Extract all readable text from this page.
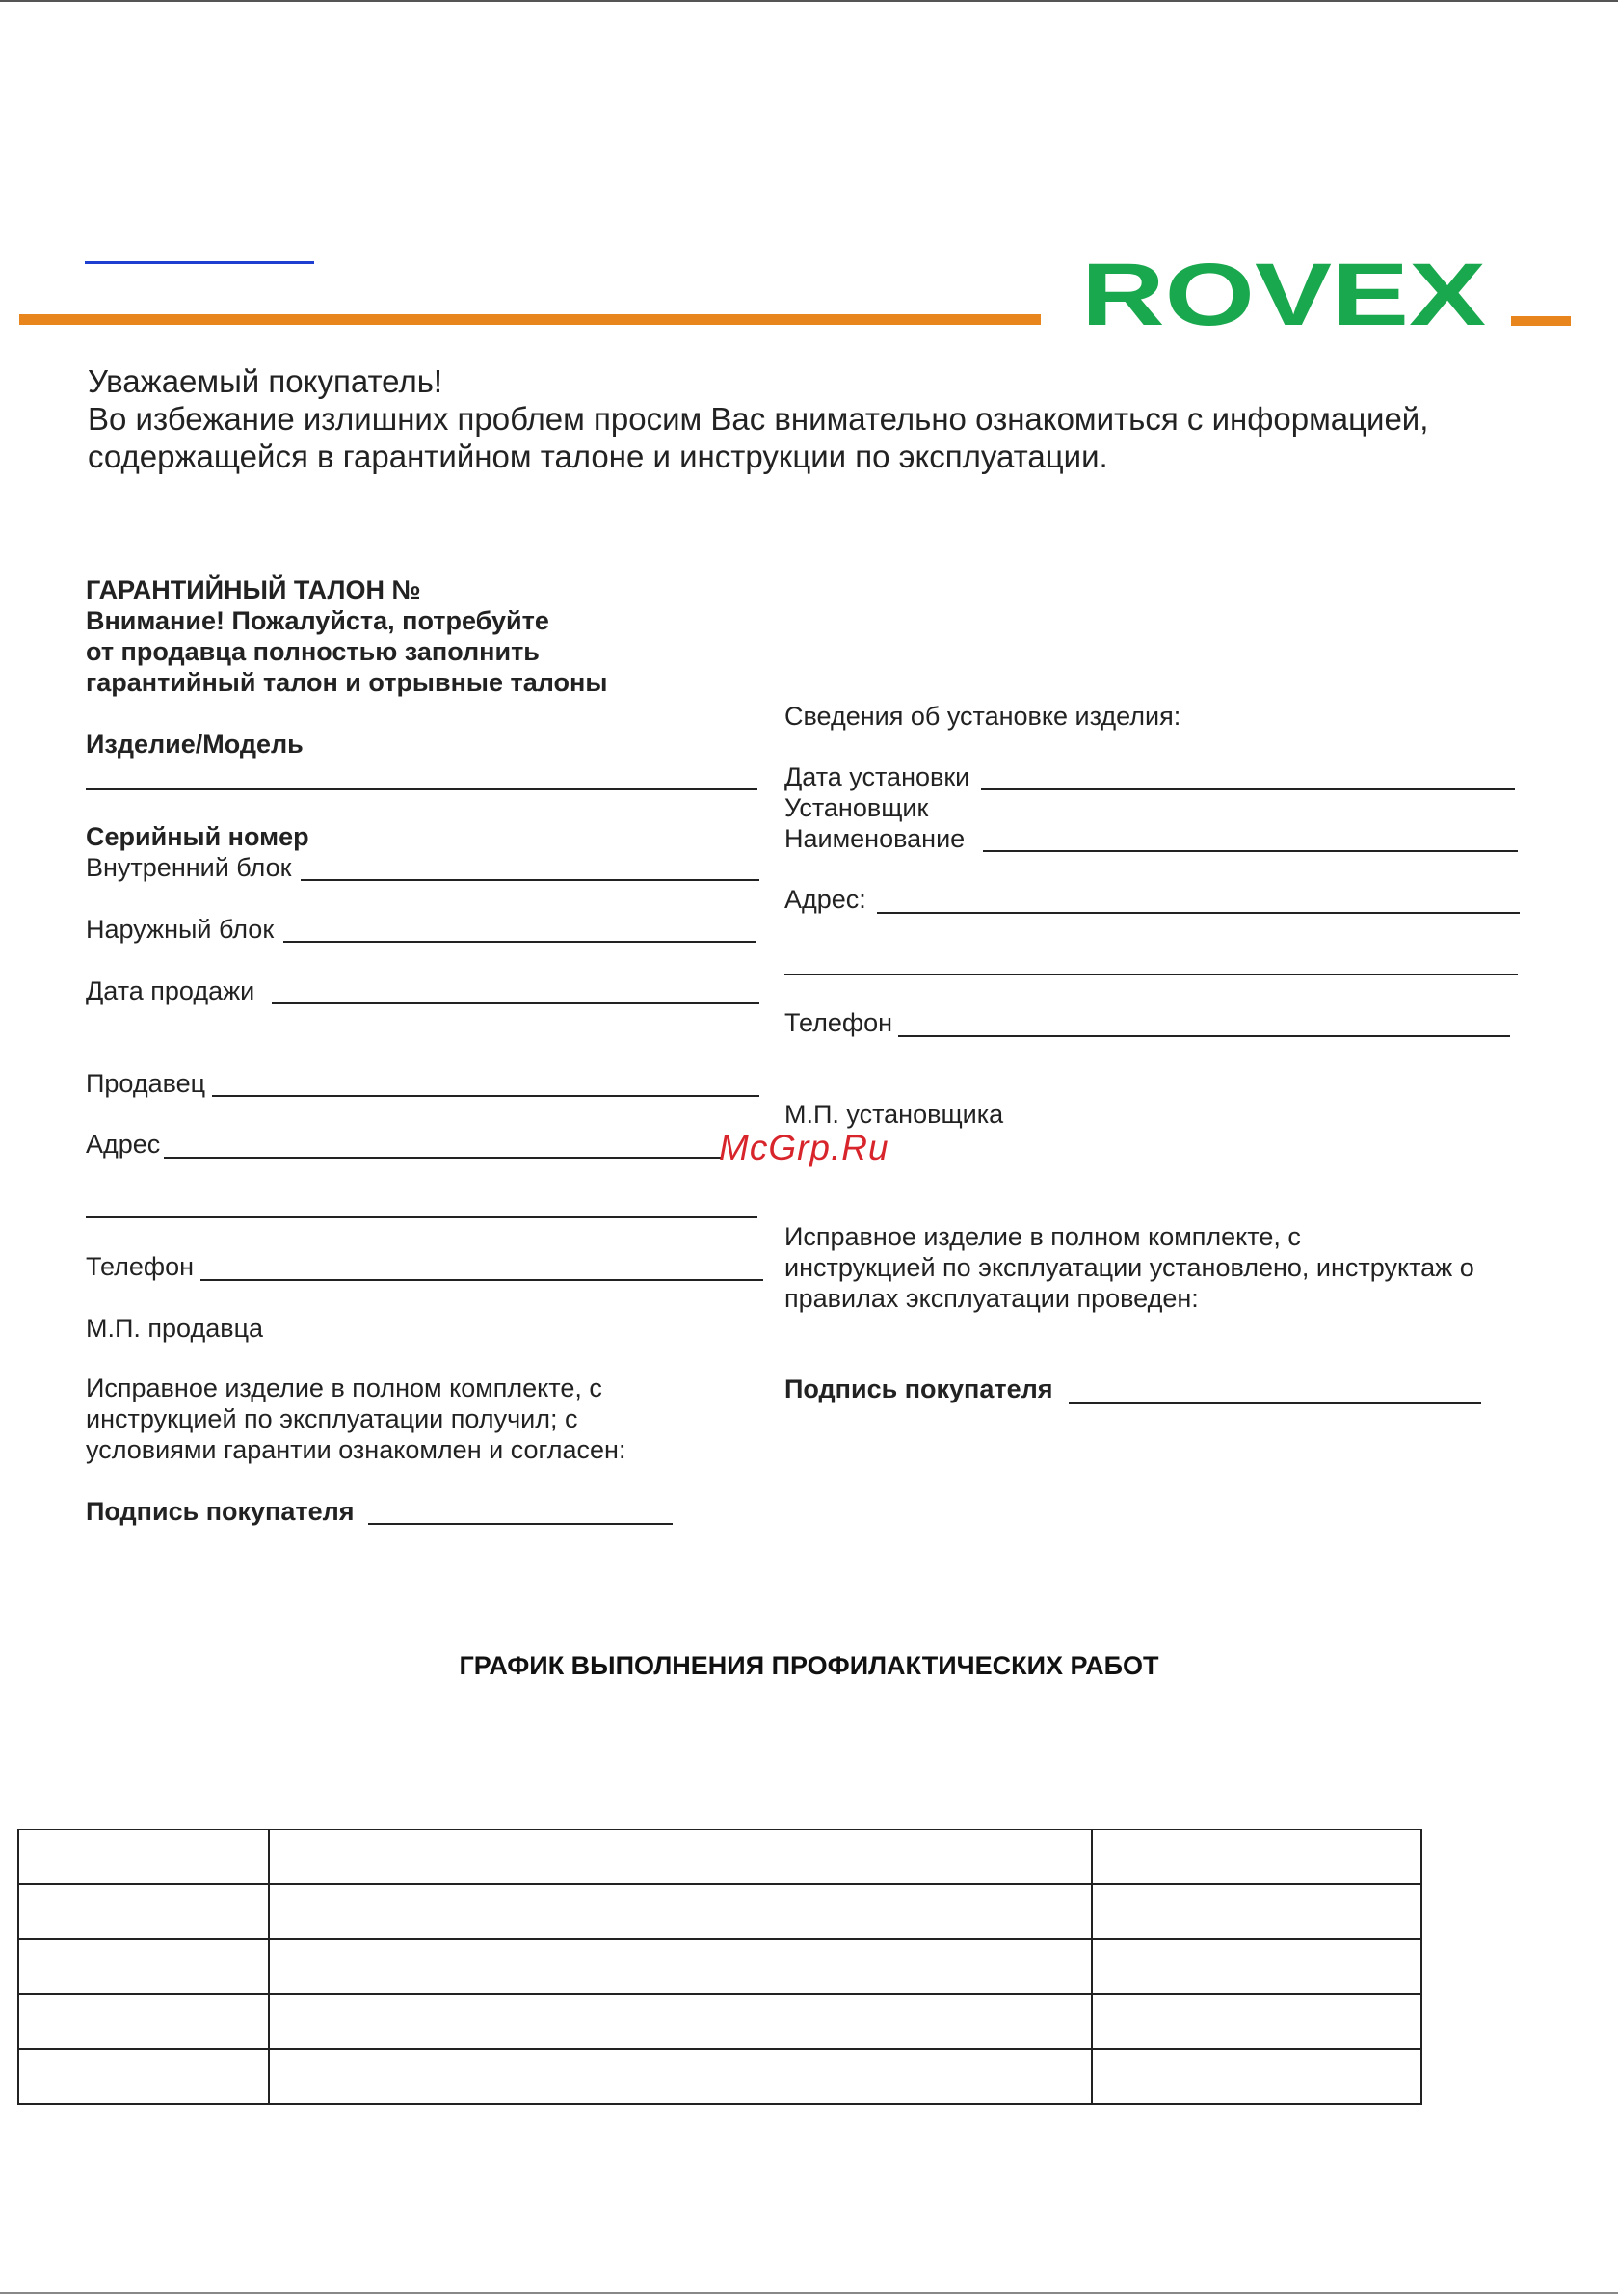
ROVEX
Уважаемый покупатель!
Во избежание излишних проблем просим Вас внимательно ознакомиться с информацией,
содержащейся в гарантийном талоне и инструкции по эксплуатации.
ГАРАНТИЙНЫЙ ТАЛОН №
Внимание! Пожалуйста, потребуйте
от продавца полностью заполнить
гарантийный талон и отрывные талоны
Изделие/Модель
Серийный номер
Внутренний блок
Наружный блок
Дата продажи
Продавец
Адрес
Телефон
М.П. продавца
Исправное изделие в полном комплекте, с
инструкцией по эксплуатации получил; с
условиями гарантии ознакомлен и согласен:
Подпись покупателя
Сведения об установке изделия:
Дата установки
Установщик
Наименование
Адрес:
Телефон
М.П. установщика
Исправное изделие в полном комплекте, с
инструкцией по эксплуатации установлено, инструктаж о
правилах эксплуатации проведен:
Подпись покупателя
McGrp.Ru
ГРАФИК ВЫПОЛНЕНИЯ ПРОФИЛАКТИЧЕСКИХ РАБОТ
